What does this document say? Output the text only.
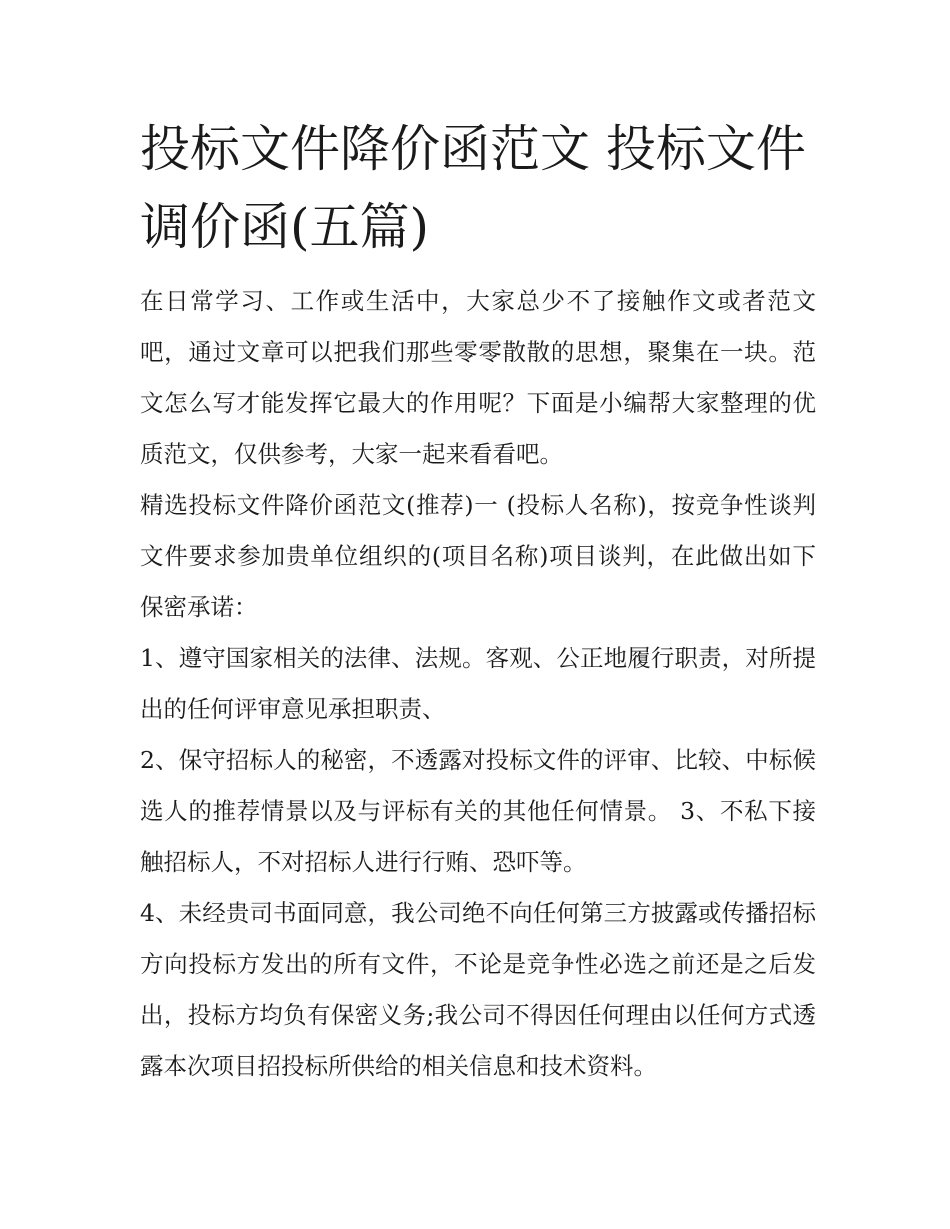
投标文件降价函范文 投标文件调价函(五篇)

在日常学习、工作或生活中，大家总少不了接触作文或者范文吧，通过文章可以把我们那些零零散散的思想，聚集在一块。范文怎么写才能发挥它最大的作用呢？下面是小编帮大家整理的优质范文，仅供参考，大家一起来看看吧。

精选投标文件降价函范文(推荐)一 (投标人名称)，按竞争性谈判文件要求参加贵单位组织的(项目名称)项目谈判，在此做出如下保密承诺：

1、遵守国家相关的法律、法规。客观、公正地履行职责，对所提出的任何评审意见承担职责、

2、保守招标人的秘密，不透露对投标文件的评审、比较、中标候选人的推荐情景以及与评标有关的其他任何情景。 3、不私下接触招标人，不对招标人进行行贿、恐吓等。

4、未经贵司书面同意，我公司绝不向任何第三方披露或传播招标方向投标方发出的所有文件，不论是竞争性必选之前还是之后发出，投标方均负有保密义务;我公司不得因任何理由以任何方式透露本次项目招投标所供给的相关信息和技术资料。
